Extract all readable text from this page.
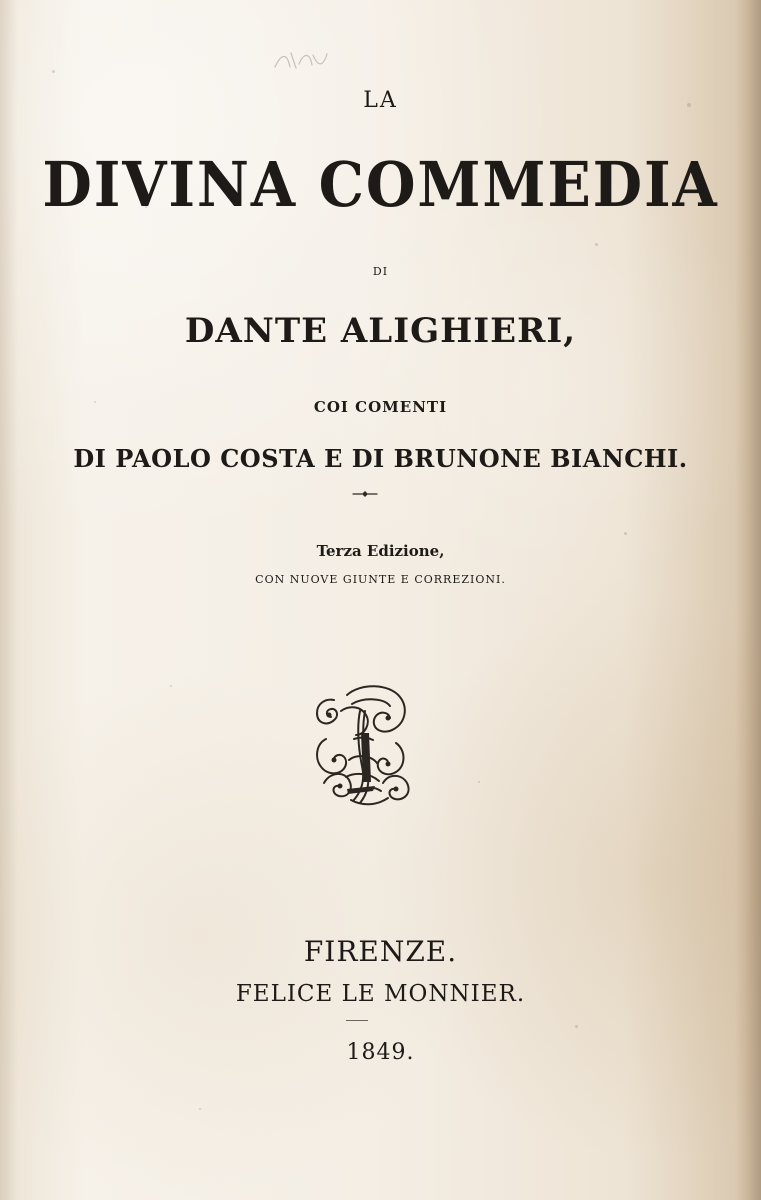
LA
DIVINA COMMEDIA
DI
DANTE ALIGHIERI,
COI COMENTI
DI PAOLO COSTA E DI BRUNONE BIANCHI.
Terza Edizione,
CON NUOVE GIUNTE E CORREZIONI.
FIRENZE.
FELICE LE MONNIER.
1849.
